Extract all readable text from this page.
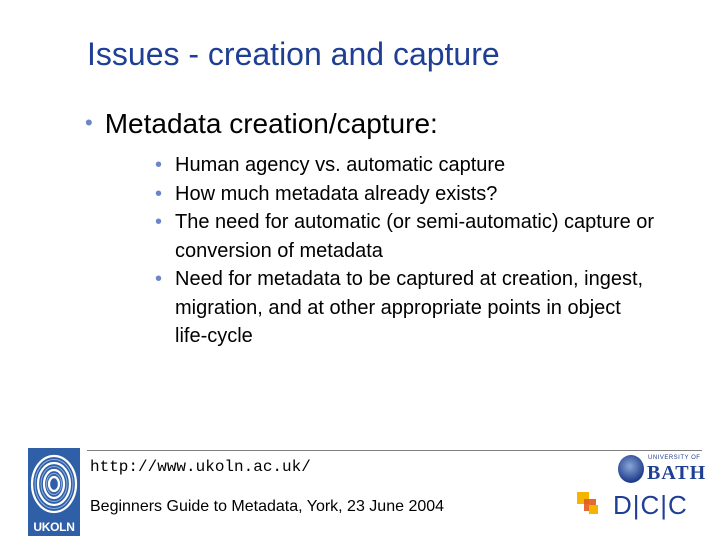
Issues - creation and capture
• Metadata creation/capture:
• Human agency vs. automatic capture
• How much metadata already exists?
• The need for automatic (or semi-automatic) capture or conversion of metadata
• Need for metadata to be captured at creation, ingest, migration, and at other appropriate points in object life-cycle
UKOLN
http://www.ukoln.ac.uk/
Beginners Guide to Metadata, York, 23 June 2004
UNIVERSITY OF
BATH
D|C|C
